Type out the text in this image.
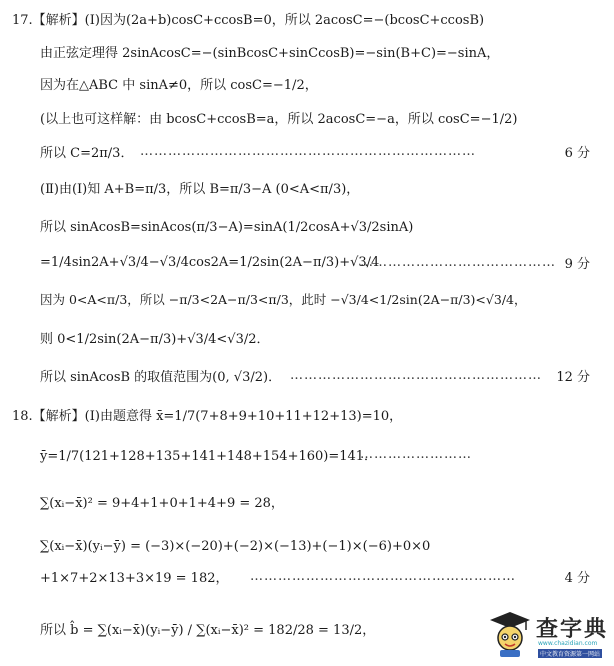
17.【解析】(Ⅰ)因为(2a+b)cosC+ccosB=0，所以 2acosC=−(bcosC+ccosB)
由正弦定理得 2sinAcosC=−(sinBcosC+sinCcosB)=−sin(B+C)=−sinA，
因为在△ABC 中 sinA≠0，所以 cosC=−1/2，
(以上也可这样解：由 bcosC+ccosB=a，所以 2acosC=−a，所以 cosC=−1/2)
所以 C=2π/3． ………………………………………………………………	6 分
(Ⅱ)由(Ⅰ)知 A+B=π/3，所以 B=π/3−A (0<A<π/3)，
所以 sinAcosB=sinAcos(π/3−A)=sinA(1/2cosA+√3/2sinA)
=1/4sin2A+√3/4−√3/4cos2A=1/2sin(2A−π/3)+√3/4
…………………………………… 9 分
因为 0<A<π/3，所以 −π/3<2A−π/3<π/3，此时 −√3/4<1/2sin(2A−π/3)<√3/4，
则 0<1/2sin(2A−π/3)+√3/4<√3/2．
所以 sinAcosB 的取值范围为(0, √3/2)． ……………………………………………… 12 分
18.【解析】(Ⅰ)由题意得 x̄=1/7(7+8+9+10+11+12+13)=10，
ȳ=1/7(121+128+135+141+148+154+160)=141．
……………………
∑(xᵢ−x̄)² = 9+4+1+0+1+4+9 = 28，
∑(xᵢ−x̄)(yᵢ−ȳ) = (−3)×(−20)+(−2)×(−13)+(−1)×(−6)+0×0
+1×7+2×13+3×19 = 182， …………………………………………………	4 分
所以 b̂ = ∑(xᵢ−x̄)(yᵢ−ȳ) / ∑(xᵢ−x̄)² = 182/28 = 13/2，	查字典
www.chazidian.com
中文教育资源第一网站
